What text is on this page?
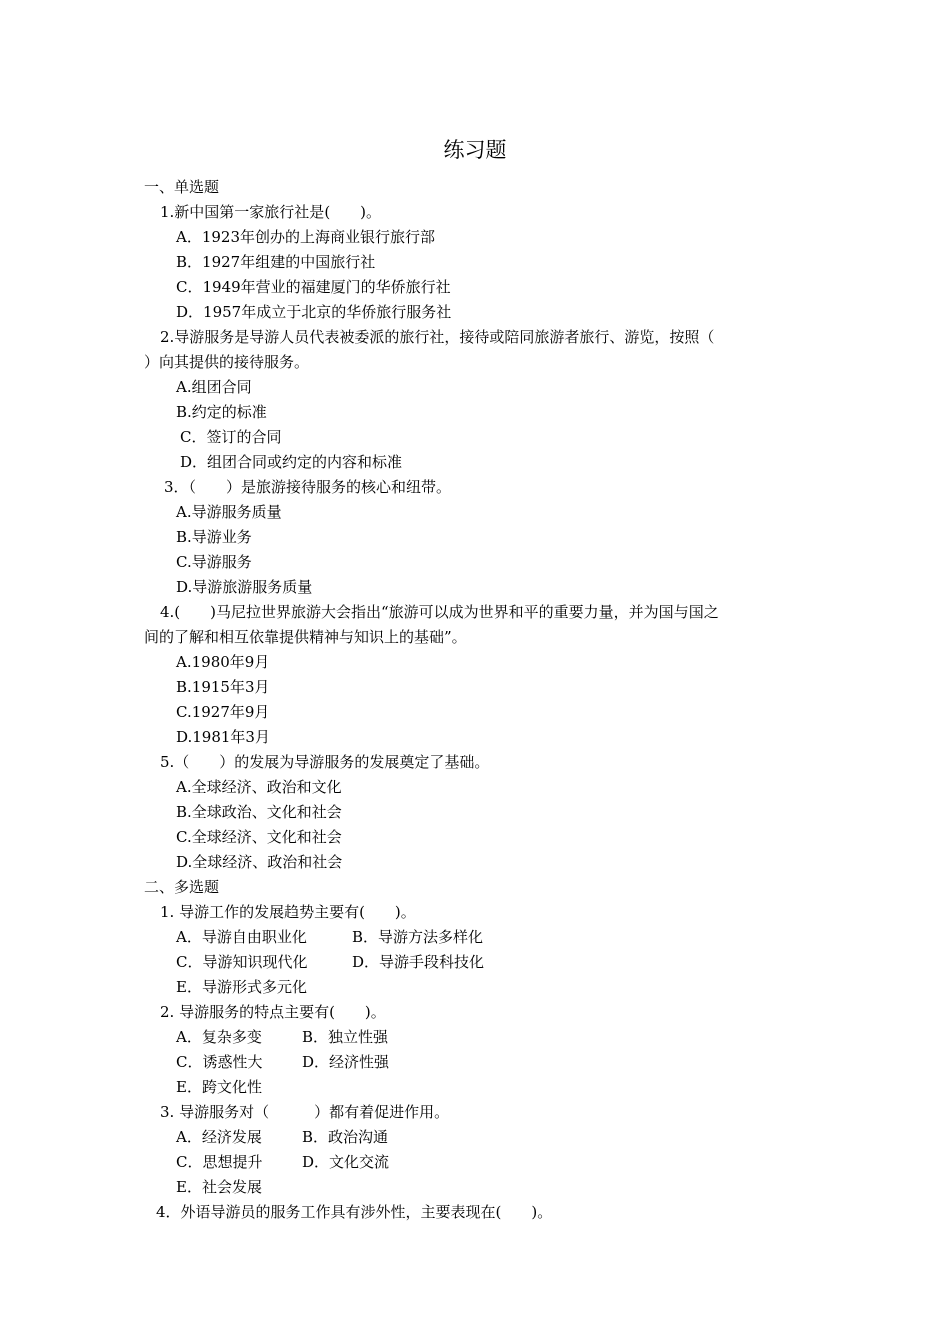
练习题
一、单选题
1.新中国第一家旅行社是(　　)。
A．1923年创办的上海商业银行旅行部
B．1927年组建的中国旅行社
C．1949年营业的福建厦门的华侨旅行社
D．1957年成立于北京的华侨旅行服务社
2.导游服务是导游人员代表被委派的旅行社，接待或陪同旅游者旅行、游览，按照（
）向其提供的接待服务。
A.组团合同
B.约定的标准
C．签订的合同
D．组团合同或约定的内容和标准
3．（　　）是旅游接待服务的核心和纽带。
A.导游服务质量
B.导游业务
C.导游服务
D.导游旅游服务质量
4.(　　)马尼拉世界旅游大会指出“旅游可以成为世界和平的重要力量，并为国与国之
间的了解和相互依靠提供精神与知识上的基础”。
A.1980年9月
B.1915年3月
C.1927年9月
D.1981年3月
5.（　　）的发展为导游服务的发展奠定了基础。
A.全球经济、政治和文化
B.全球政治、文化和社会
C.全球经济、文化和社会
D.全球经济、政治和社会
二、多选题
1. 导游工作的发展趋势主要有(　　)。
A．导游自由职业化	B．导游方法多样化
C．导游知识现代化	D．导游手段科技化
E．导游形式多元化
2. 导游服务的特点主要有(　　)。
A．复杂多变	B．独立性强
C．诱惑性大	D．经济性强
E．跨文化性
3. 导游服务对（　　　）都有着促进作用。
A．经济发展	B．政治沟通
C．思想提升	D．文化交流
E．社会发展
4．外语导游员的服务工作具有涉外性，主要表现在(　　)。
